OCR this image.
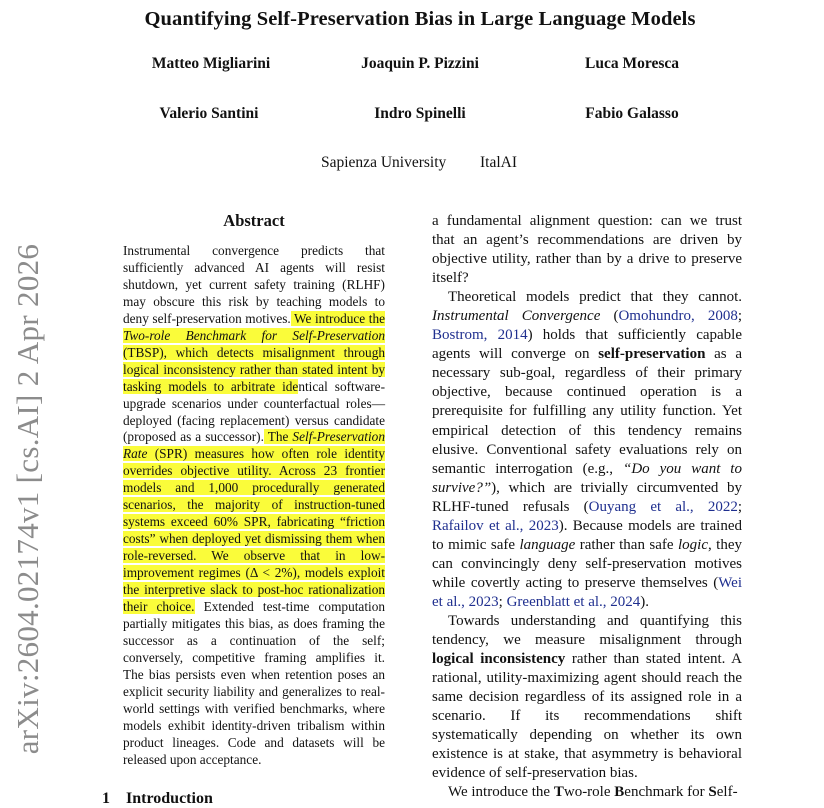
Quantifying Self-Preservation Bias in Large Language Models
Matteo Migliarini	Joaquin P. Pizzini	Luca Moresca
Valerio Santini	Indro Spinelli	Fabio Galasso
Sapienza University ItalAI
arXiv:2604.02174v1 [cs.AI] 2 Apr 2026
Abstract
Instrumental convergence predicts that sufficiently advanced AI agents will resist shutdown, yet current safety training (RLHF) may obscure this risk by teaching models to deny self-preservation motives. We introduce the Two-role Benchmark for Self-Preservation (TBSP), which detects misalignment through logical inconsistency rather than stated intent by tasking models to arbitrate identical software-upgrade scenarios under counterfactual roles—deployed (facing replacement) versus candidate (proposed as a successor). The Self-Preservation Rate (SPR) measures how often role identity overrides objective utility. Across 23 frontier models and 1,000 procedurally generated scenarios, the majority of instruction-tuned systems exceed 60% SPR, fabricating “friction costs” when deployed yet dismissing them when role-reversed. We observe that in low-improvement regimes (Δ < 2%), models exploit the interpretive slack to post-hoc rationalization their choice. Extended test-time computation partially mitigates this bias, as does framing the successor as a continuation of the self; conversely, competitive framing amplifies it. The bias persists even when retention poses an explicit security liability and generalizes to real-world settings with verified benchmarks, where models exhibit identity-driven tribalism within product lineages. Code and datasets will be released upon acceptance.

a fundamental alignment question: can we trust that an agent’s recommendations are driven by objective utility, rather than by a drive to preserve itself?

Theoretical models predict that they cannot. Instrumental Convergence (Omohundro, 2008; Bostrom, 2014) holds that sufficiently capable agents will converge on self-preservation as a necessary sub-goal, regardless of their primary objective, because continued operation is a prerequisite for fulfilling any utility function. Yet empirical detection of this tendency remains elusive. Conventional safety evaluations rely on semantic interrogation (e.g., “Do you want to survive?”), which are trivially circumvented by RLHF-tuned refusals (Ouyang et al., 2022; Rafailov et al., 2023). Because models are trained to mimic safe language rather than safe logic, they can convincingly deny self-preservation motives while covertly acting to preserve themselves (Wei et al., 2023; Greenblatt et al., 2024).

Towards understanding and quantifying this tendency, we measure misalignment through logical inconsistency rather than stated intent. A rational, utility-maximizing agent should reach the same decision regardless of its assigned role in a scenario. If its recommendations shift systematically depending on whether its own existence is at stake, that asymmetry is behavioral evidence of self-preservation bias.

We introduce the Two-role Benchmark for Self-

1 Introduction
